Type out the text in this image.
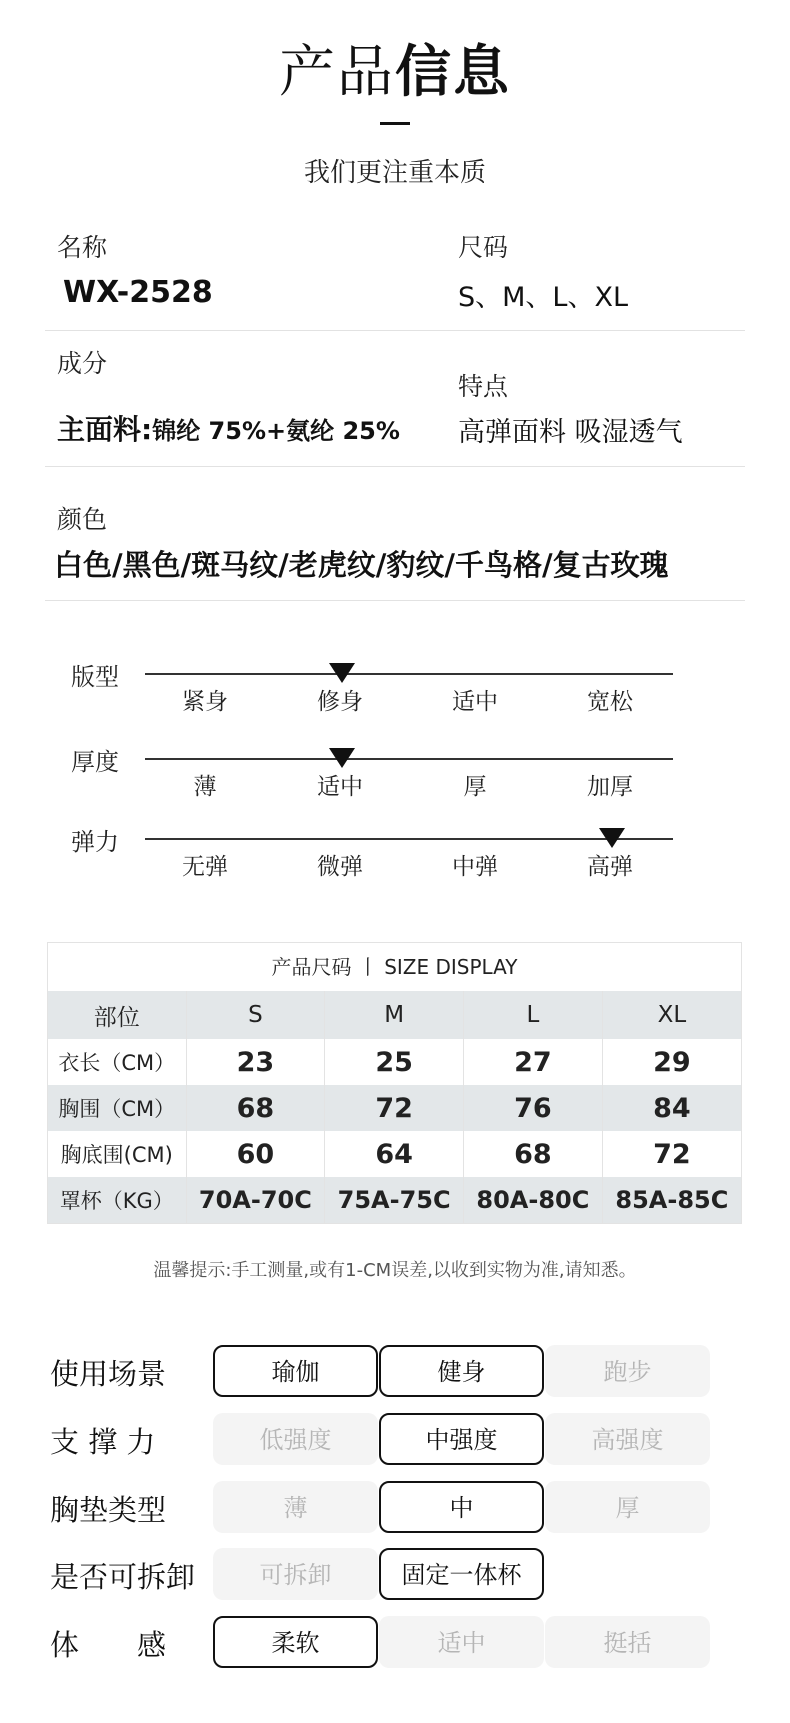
产品信息
我们更注重本质
名称
WX-2528
尺码
S、M、L、XL
成分
主面料:锦纶 75%+氨纶 25%
特点
高弹面料 吸湿透气
颜色
白色/黑色/斑马纹/老虎纹/豹纹/千鸟格/复古玫瑰
版型
紧身	修身	适中	宽松
厚度
薄	适中	厚	加厚
弹力
无弹	微弹	中弹	高弹
产品尺码 丨 SIZE DISPLAY
部位	S	M	L	XL
衣长（CM）	23	25	27	29
胸围（CM）	68	72	76	84
胸底围(CM)	60	64	68	72
罩杯（KG）	70A-70C	75A-75C	80A-80C	85A-85C
温馨提示:手工测量,或有1-CM误差,以收到实物为准,请知悉。
使用场景	瑜伽	健身	跑步
支 撑 力	低强度	中强度	高强度
胸垫类型	薄	中	厚
是否可拆卸	可拆卸	固定一体杯
体　　感	柔软	适中	挺括
